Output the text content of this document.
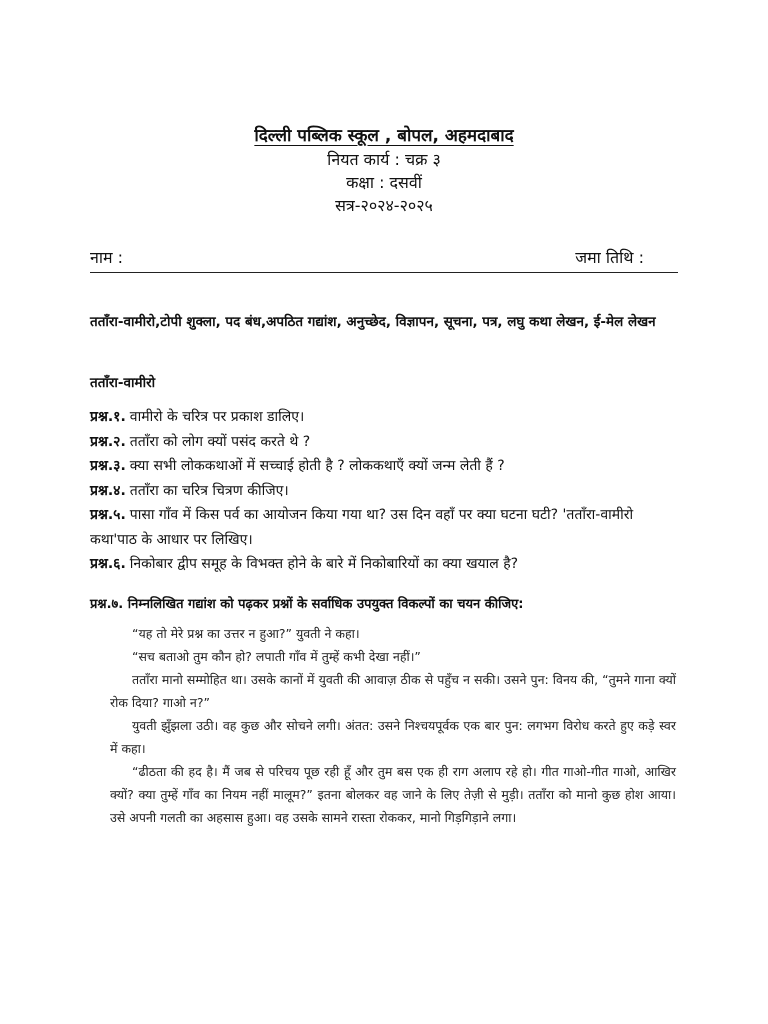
दिल्ली पब्लिक स्कूल , बोपल, अहमदाबाद

नियत कार्य : चक्र ३

कक्षा : दसवीं

सत्र-२०२४-२०२५

नाम :	जमा तिथि :
तताँरा-वामीरो,टोपी शुक्ला, पद बंध,अपठित गद्यांश, अनुच्छेद, विज्ञापन, सूचना, पत्र, लघु कथा लेखन, ई-मेल लेखन
तताँरा-वामीरो

प्रश्न.१. वामीरो के चरित्र पर प्रकाश डालिए।

प्रश्न.२. तताँरा को लोग क्यों पसंद करते थे ?

प्रश्न.३. क्या सभी लोककथाओं में सच्चाई होती है ? लोककथाएँ क्यों जन्म लेती हैं ?

प्रश्न.४. तताँरा का चरित्र चित्रण कीजिए।

प्रश्न.५. पासा गाँव में किस पर्व का आयोजन किया गया था? उस दिन वहाँ पर क्या घटना घटी? 'तताँरा-वामीरो कथा'पाठ के आधार पर लिखिए।

प्रश्न.६. निकोबार द्वीप समूह के विभक्त होने के बारे में निकोबारियों का क्या खयाल है?

प्रश्न.७. निम्नलिखित गद्यांश को पढ़कर प्रश्नों के सर्वाधिक उपयुक्त विकल्पों का चयन कीजिए:

“यह तो मेरे प्रश्न का उत्तर न हुआ?” युवती ने कहा।

“सच बताओ तुम कौन हो? लपाती गाँव में तुम्हें कभी देखा नहीं।”

तताँरा मानो सम्मोहित था। उसके कानों में युवती की आवाज़ ठीक से पहुँच न सकी। उसने पुन: विनय की, “तुमने गाना क्यों रोक दिया? गाओ न?”

युवती झुँझला उठी। वह कुछ और सोचने लगी। अंतत: उसने निश्चयपूर्वक एक बार पुन: लगभग विरोध करते हुए कड़े स्वर में कहा।

“ढीठता की हद है। मैं जब से परिचय पूछ रही हूँ और तुम बस एक ही राग अलाप रहे हो। गीत गाओ-गीत गाओ, आखिर क्यों? क्या तुम्हें गाँव का नियम नहीं मालूम?” इतना बोलकर वह जाने के लिए तेज़ी से मुड़ी। तताँरा को मानो कुछ होश आया। उसे अपनी गलती का अहसास हुआ। वह उसके सामने रास्ता रोककर, मानो गिड़गिड़ाने लगा।
